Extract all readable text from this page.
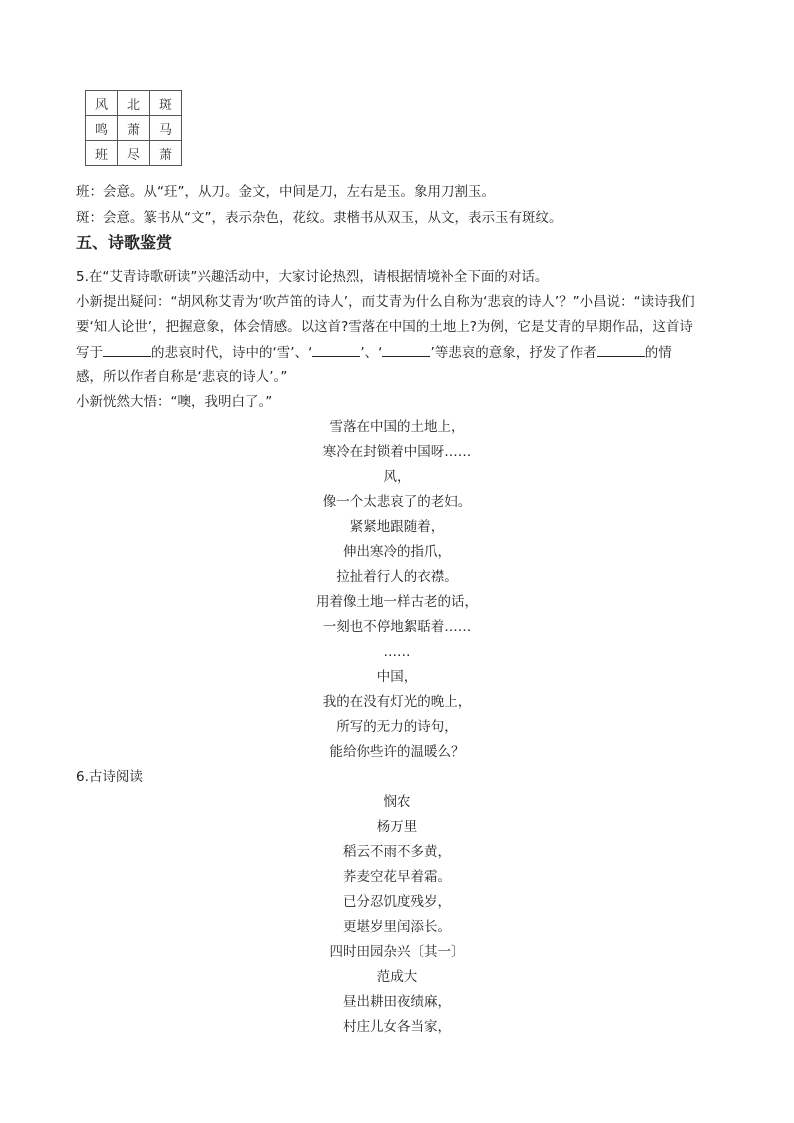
风	北	斑
鸣	萧	马
班	尽	萧
班：会意。从“玨”，从刀。金文，中间是刀，左右是玉。象用刀割玉。
斑：会意。篆书从“文”，表示杂色，花纹。隶楷书从双玉，从文，表示玉有斑纹。
五、诗歌鉴赏
5.在“艾青诗歌研读”兴趣活动中，大家讨论热烈，请根据情境补全下面的对话。
小新提出疑问：“胡风称艾青为‘吹芦笛的诗人’，而艾青为什么自称为‘悲哀的诗人’？”小昌说：“读诗我们
要‘知人论世’，把握意象，体会情感。以这首?雪落在中国的土地上?为例，它是艾青的早期作品，这首诗
写于	的悲哀时代，诗中的‘雪’、‘	’、‘	’等悲哀的意象，抒发了作者	的情
感，所以作者自称是‘悲哀的诗人’。”
小新恍然大悟：“噢，我明白了。”
雪落在中国的土地上，
寒冷在封锁着中国呀……
风，
像一个太悲哀了的老妇。
紧紧地跟随着，
伸出寒冷的指爪，
拉扯着行人的衣襟。
用着像土地一样古老的话，
一刻也不停地絮聒着……
……
中国，
我的在没有灯光的晚上，
所写的无力的诗句，
能给你些许的温暖么？
6.古诗阅读
悯农
杨万里
稻云不雨不多黄，
荞麦空花早着霜。
已分忍饥度残岁，
更堪岁里闰添长。
四时田园杂兴〔其一〕
范成大
昼出耕田夜绩麻，
村庄儿女各当家，
